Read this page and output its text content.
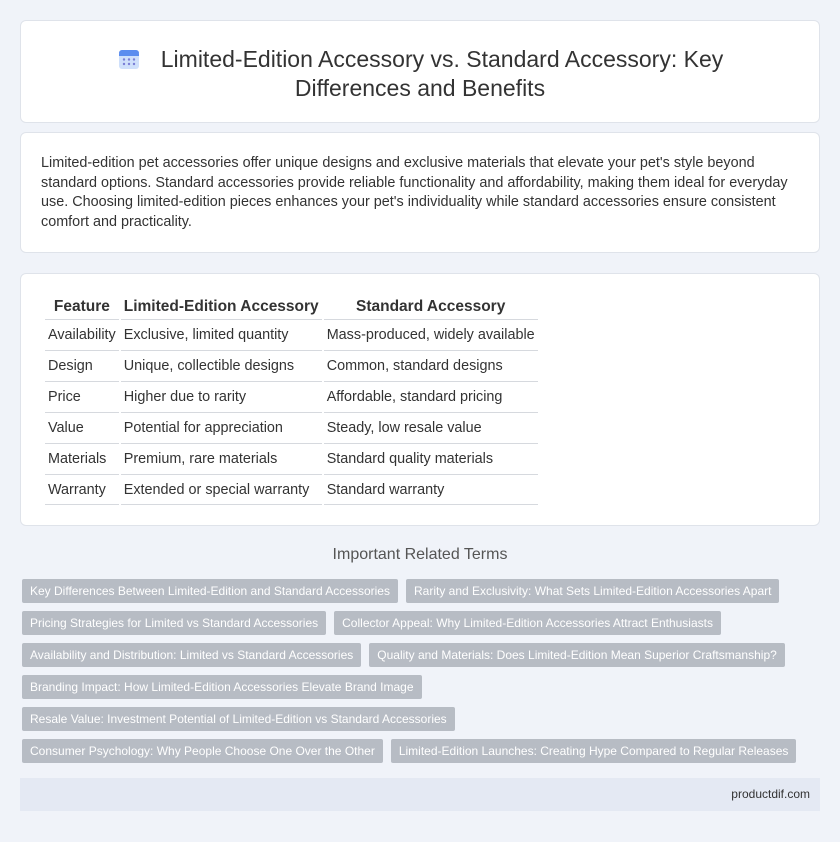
Limited-Edition Accessory vs. Standard Accessory: Key
Differences and Benefits

Limited-edition pet accessories offer unique designs and exclusive materials that elevate your pet's style beyond standard options. Standard accessories provide reliable functionality and affordability, making them ideal for everyday use. Choosing limited-edition pieces enhances your pet's individuality while standard accessories ensure consistent comfort and practicality.

Feature	Limited-Edition Accessory	Standard Accessory
Availability	Exclusive, limited quantity	Mass-produced, widely available
Design	Unique, collectible designs	Common, standard designs
Price	Higher due to rarity	Affordable, standard pricing
Value	Potential for appreciation	Steady, low resale value
Materials	Premium, rare materials	Standard quality materials
Warranty	Extended or special warranty	Standard warranty
Important Related Terms
Key Differences Between Limited-Edition and Standard Accessories	Rarity and Exclusivity: What Sets Limited-Edition Accessories Apart
Pricing Strategies for Limited vs Standard Accessories	Collector Appeal: Why Limited-Edition Accessories Attract Enthusiasts
Availability and Distribution: Limited vs Standard Accessories	Quality and Materials: Does Limited-Edition Mean Superior Craftsmanship?
Branding Impact: How Limited-Edition Accessories Elevate Brand Image
Resale Value: Investment Potential of Limited-Edition vs Standard Accessories
Consumer Psychology: Why People Choose One Over the Other	Limited-Edition Launches: Creating Hype Compared to Regular Releases
productdif.com
